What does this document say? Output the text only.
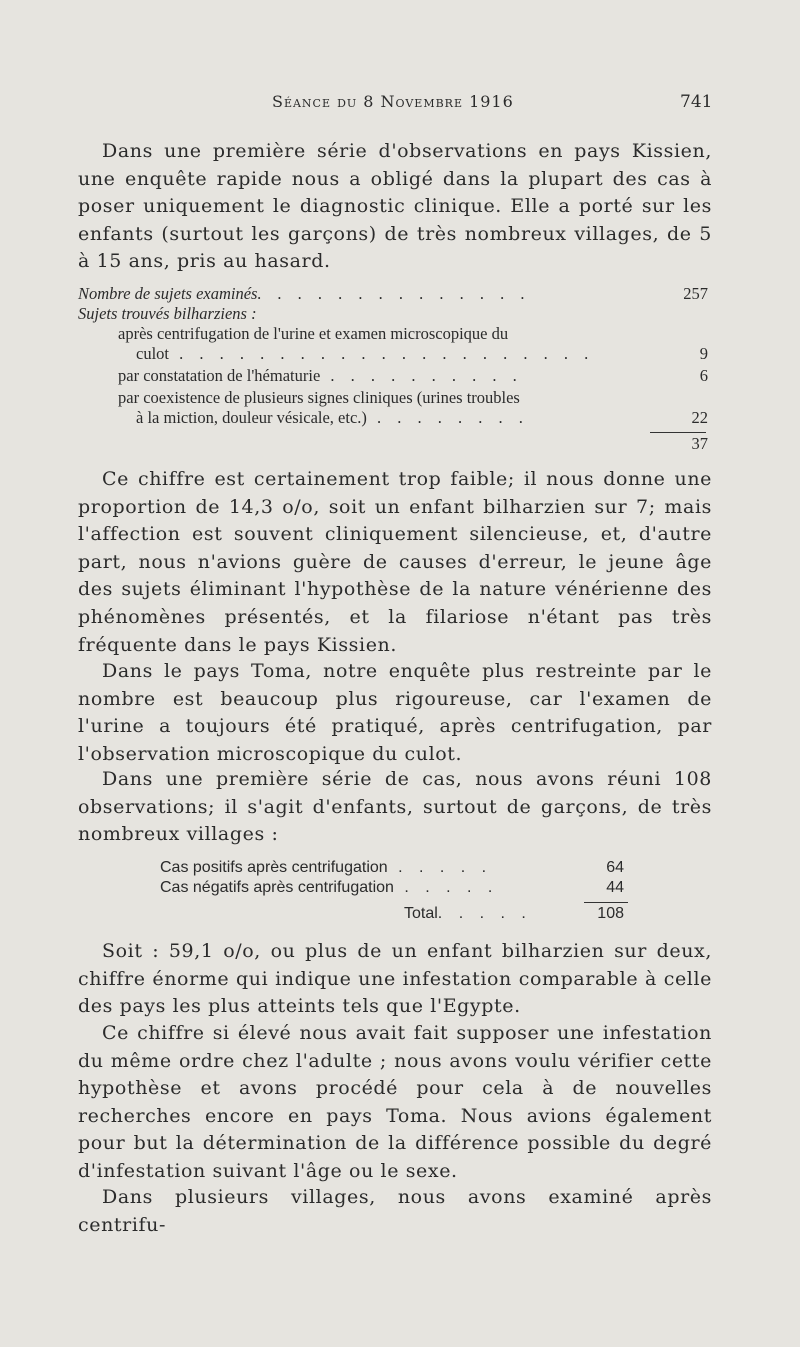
Séance du 8 Novembre 1916	741

Dans une première série d'observations en pays Kissien, une enquête rapide nous a obligé dans la plupart des cas à poser uniquement le diagnostic clinique. Elle a porté sur les enfants (surtout les garçons) de très nombreux villages, de 5 à 15 ans, pris au hasard.

Nombre de sujets examinés. . . . . . . . . . . . . .	257
Sujets trouvés bilharziens :
après centrifugation de l'urine et examen microscopique du
culot . . . . . . . . . . . . . . . . . . . . .	9
par constatation de l'hématurie . . . . . . . . . .	6
par coexistence de plusieurs signes cliniques (urines troubles
à la miction, douleur vésicale, etc.) . . . . . . . .	22
37

Ce chiffre est certainement trop faible; il nous donne une proportion de 14,3 o/o, soit un enfant bilharzien sur 7; mais l'affection est souvent cliniquement silencieuse, et, d'autre part, nous n'avions guère de causes d'erreur, le jeune âge des sujets éliminant l'hypothèse de la nature vénérienne des phénomènes présentés, et la filariose n'étant pas très fréquente dans le pays Kissien.

Dans le pays Toma, notre enquête plus restreinte par le nombre est beaucoup plus rigoureuse, car l'examen de l'urine a toujours été pratiqué, après centrifugation, par l'observation microscopique du culot.

Dans une première série de cas, nous avons réuni 108 observations; il s'agit d'enfants, surtout de garçons, de très nombreux villages :

Cas positifs après centrifugation . . . . .	64
Cas négatifs après centrifugation . . . . .	44
Total. . . . .	108

Soit : 59,1 o/o, ou plus de un enfant bilharzien sur deux, chiffre énorme qui indique une infestation comparable à celle des pays les plus atteints tels que l'Egypte.

Ce chiffre si élevé nous avait fait supposer une infestation du même ordre chez l'adulte ; nous avons voulu vérifier cette hypothèse et avons procédé pour cela à de nouvelles recherches encore en pays Toma. Nous avions également pour but la détermination de la différence possible du degré d'infestation suivant l'âge ou le sexe.

Dans plusieurs villages, nous avons examiné après centrifu-
